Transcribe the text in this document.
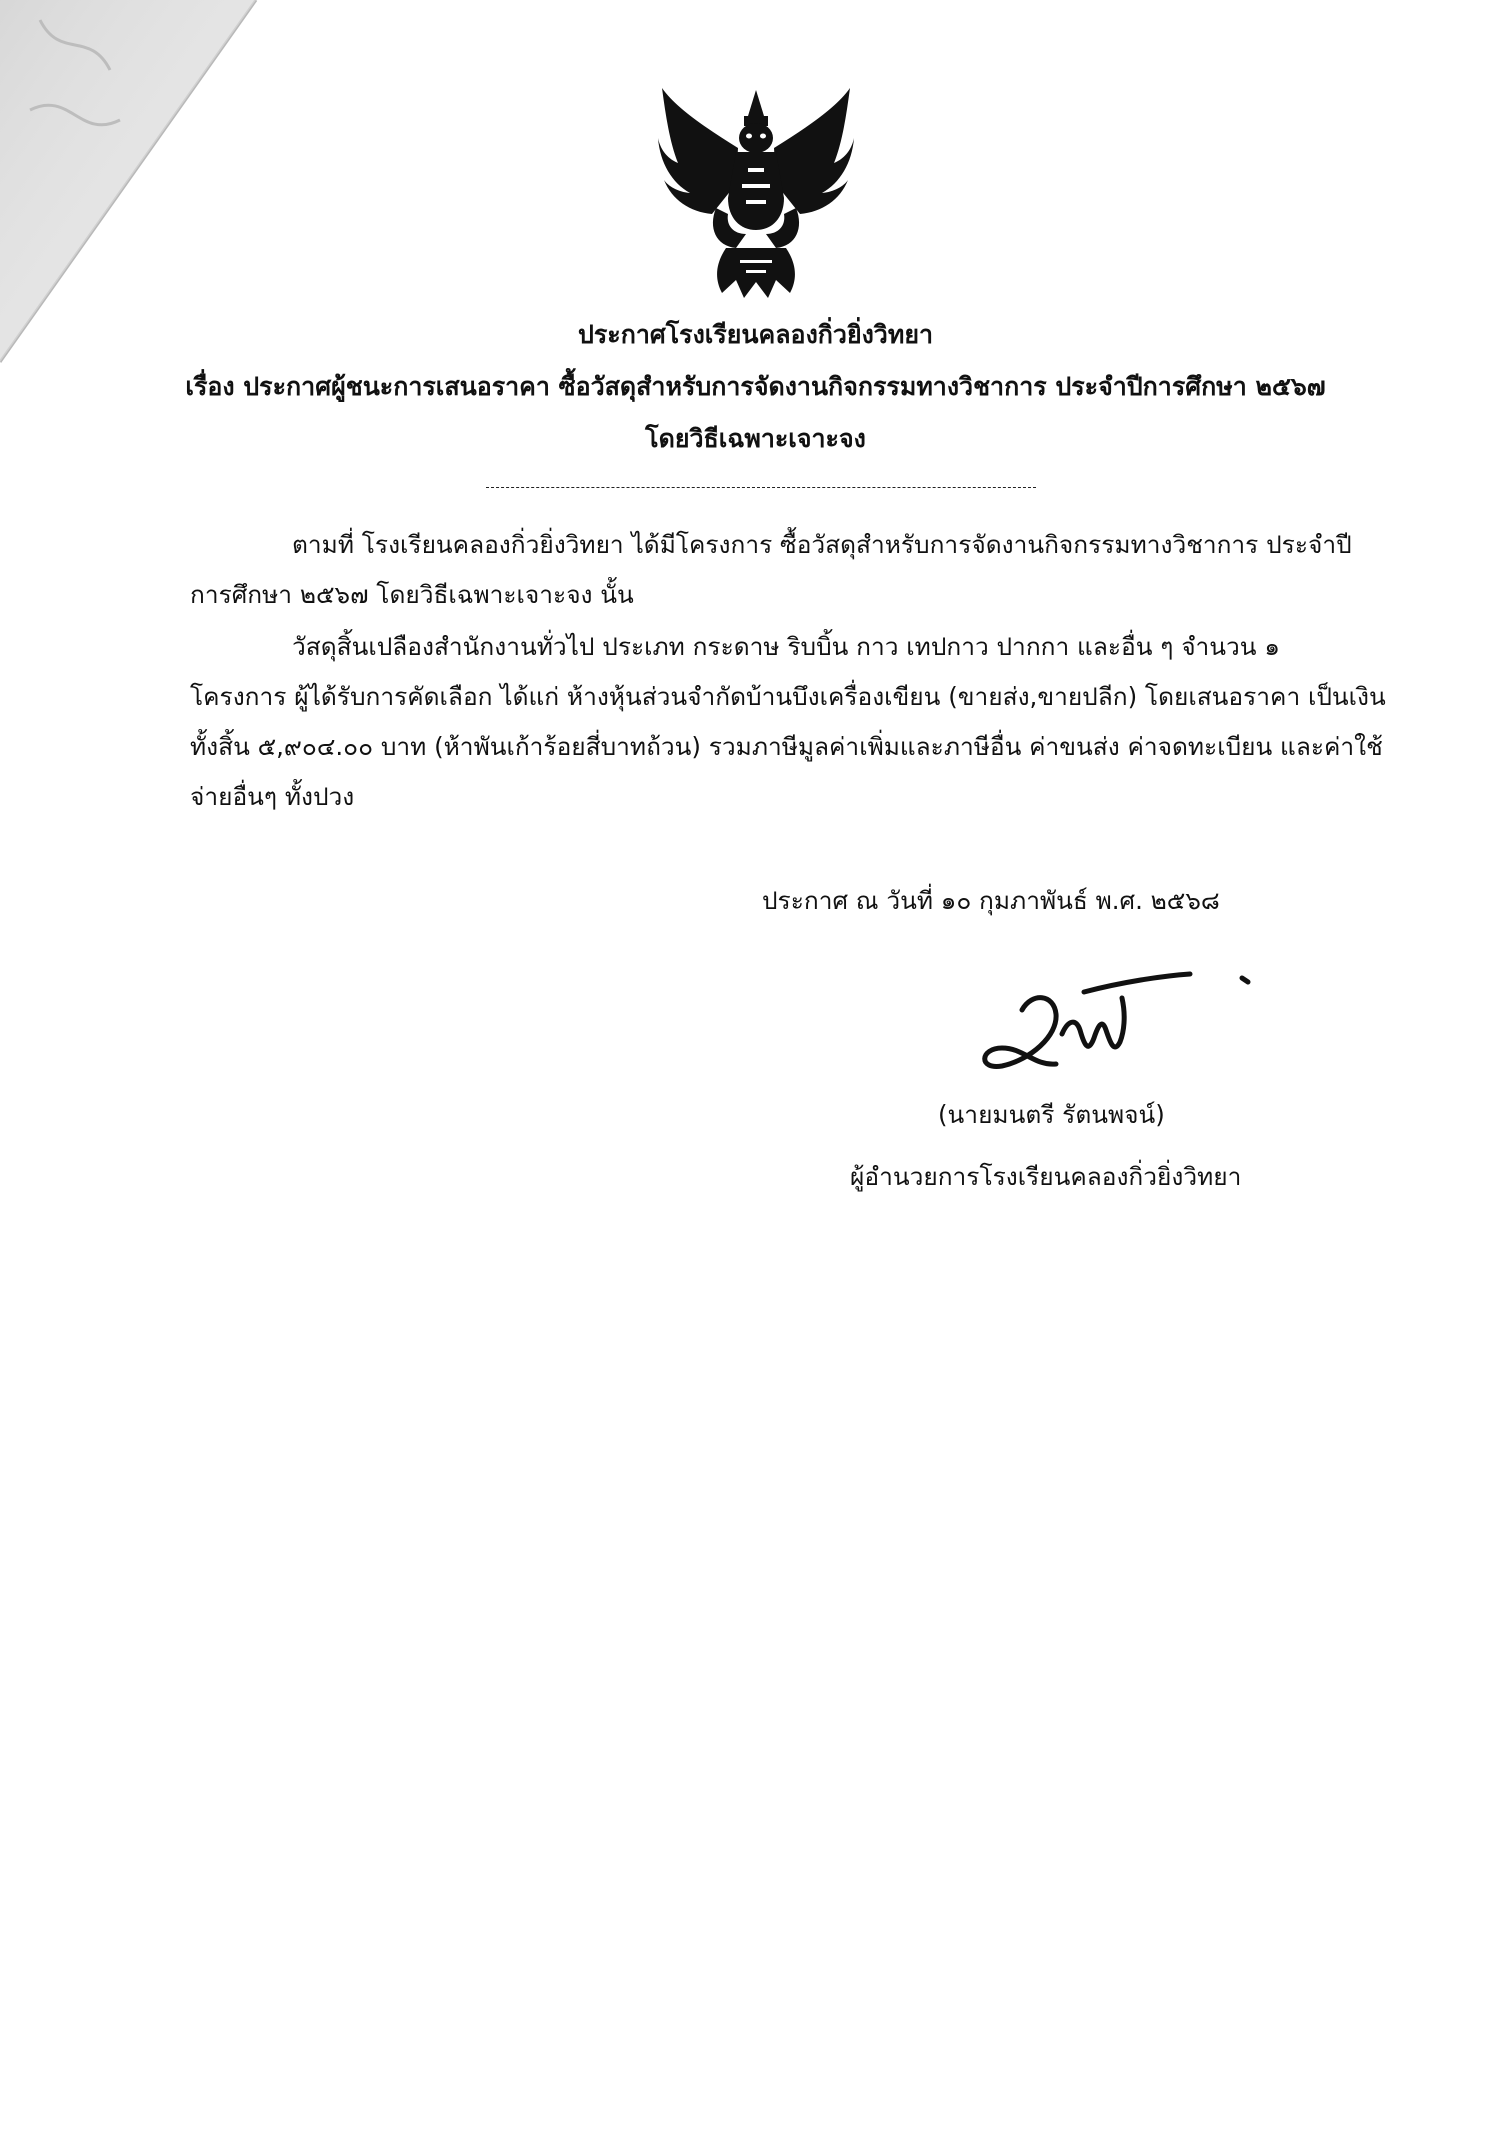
ประกาศโรงเรียนคลองกิ่วยิ่งวิทยา
เรื่อง ประกาศผู้ชนะการเสนอราคา ซื้อวัสดุสำหรับการจัดงานกิจกรรมทางวิชาการ ประจำปีการศึกษา ๒๕๖๗
โดยวิธีเฉพาะเจาะจง
ตามที่ โรงเรียนคลองกิ่วยิ่งวิทยา ได้มีโครงการ ซื้อวัสดุสำหรับการจัดงานกิจกรรมทางวิชาการ ประจำปี
การศึกษา ๒๕๖๗ โดยวิธีเฉพาะเจาะจง นั้น
วัสดุสิ้นเปลืองสำนักงานทั่วไป ประเภท กระดาษ ริบบิ้น กาว เทปกาว ปากกา และอื่น ๆ จำนวน ๑
โครงการ ผู้ได้รับการคัดเลือก ได้แก่ ห้างหุ้นส่วนจำกัดบ้านบึงเครื่องเขียน (ขายส่ง,ขายปลีก) โดยเสนอราคา เป็นเงิน
ทั้งสิ้น ๕,๙๐๔.๐๐ บาท (ห้าพันเก้าร้อยสี่บาทถ้วน) รวมภาษีมูลค่าเพิ่มและภาษีอื่น ค่าขนส่ง ค่าจดทะเบียน และค่าใช้
จ่ายอื่นๆ ทั้งปวง
ประกาศ ณ วันที่ ๑๐ กุมภาพันธ์ พ.ศ. ๒๕๖๘
(นายมนตรี รัตนพจน์)
ผู้อำนวยการโรงเรียนคลองกิ่วยิ่งวิทยา
